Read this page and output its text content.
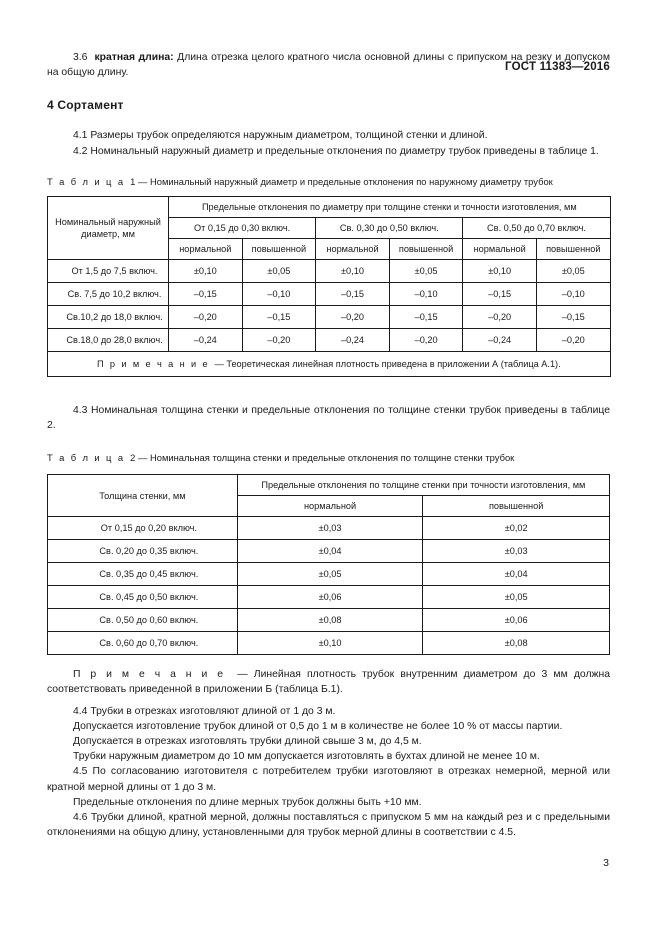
ГОСТ 11383—2016

3.6 кратная длина: Длина отрезка целого кратного числа основной длины с припуском на резку и допуском на общую длину.

4 Сортамент

4.1 Размеры трубок определяются наружным диаметром, толщиной стенки и длиной.

4.2 Номинальный наружный диаметр и предельные отклонения по диаметру трубок приведены в таблице 1.

Т а б л и ц а 1 — Номинальный наружный диаметр и предельные отклонения по наружному диаметру трубок

Номинальный наружный диаметр, мм	Предельные отклонения по диаметру при толщине стенки и точности изготовления, мм					
	От 0,15 до 0,30 включ.		Св. 0,30 до 0,50 включ.		Св. 0,50 до 0,70 включ.	
	нормальной	повышенной	нормальной	повышенной	нормальной	повышенной
От 1,5 до 7,5 включ.	±0,10	±0,05	±0,10	±0,05	±0,10	±0,05
Св. 7,5 до 10,2 включ.	–0,15	–0,10	–0,15	–0,10	–0,15	–0,10
Св.10,2 до 18,0 включ.	–0,20	–0,15	–0,20	–0,15	–0,20	–0,15
Св.18,0 до 28,0 включ.	–0,24	–0,20	–0,24	–0,20	–0,24	–0,20
П р и м е ч а н и е — Теоретическая линейная плотность приведена в приложении А (таблица А.1).						

4.3 Номинальная толщина стенки и предельные отклонения по толщине стенки трубок приведены в таблице 2.

Т а б л и ц а 2 — Номинальная толщина стенки и предельные отклонения по толщине стенки трубок

Толщина стенки, мм	Предельные отклонения по толщине стенки при точности изготовления, мм	
	нормальной	повышенной
От 0,15 до 0,20 включ.	±0,03	±0,02
Св. 0,20 до 0,35 включ.	±0,04	±0,03
Св. 0,35 до 0,45 включ.	±0,05	±0,04
Св. 0,45 до 0,50 включ.	±0,06	±0,05
Св. 0,50 до 0,60 включ.	±0,08	±0,06
Св. 0,60 до 0,70 включ.	±0,10	±0,08

П р и м е ч а н и е — Линейная плотность трубок внутренним диаметром до 3 мм должна соответствовать приведенной в приложении Б (таблица Б.1).

4.4 Трубки в отрезках изготовляют длиной от 1 до 3 м.

Допускается изготовление трубок длиной от 0,5 до 1 м в количестве не более 10 % от массы партии.

Допускается в отрезках изготовлять трубки длиной свыше 3 м, до 4,5 м.

Трубки наружным диаметром до 10 мм допускается изготовлять в бухтах длиной не менее 10 м.

4.5 По согласованию изготовителя с потребителем трубки изготовляют в отрезках немерной, мерной или кратной мерной длины от 1 до 3 м.

Предельные отклонения по длине мерных трубок должны быть +10 мм.

4.6 Трубки длиной, кратной мерной, должны поставляться с припуском 5 мм на каждый рез и с предельными отклонениями на общую длину, установленными для трубок мерной длины в соответствии с 4.5.

3
